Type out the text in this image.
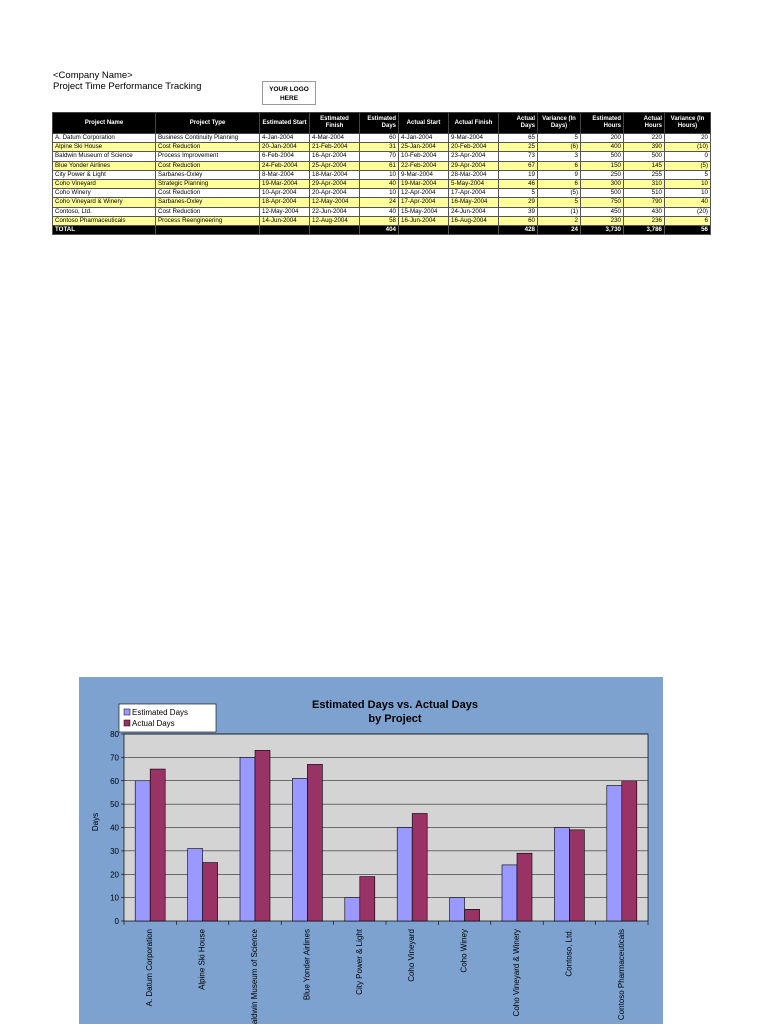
<Company Name>
Project Time Performance Tracking	YOUR LOGO
HERE
Project Name	Project Type	Estimated Start	Estimated Finish	Estimated Days	Actual Start	Actual Finish	Actual Days	Variance (In Days)	Estimated Hours	Actual Hours	Variance (In Hours)
A. Datum Corporation	Business Continuity Planning	4-Jan-2004	4-Mar-2004	60	4-Jan-2004	9-Mar-2004	65	5	200	220	20
Alpine Ski House	Cost Reduction	20-Jan-2004	21-Feb-2004	31	25-Jan-2004	20-Feb-2004	25	(6)	400	390	(10)
Baldwin Museum of Science	Process Improvement	6-Feb-2004	16-Apr-2004	70	10-Feb-2004	23-Apr-2004	73	3	500	500	0
Blue Yonder Airlines	Cost Reduction	24-Feb-2004	25-Apr-2004	61	22-Feb-2004	29-Apr-2004	67	6	150	145	(5)
City Power & Light	Sarbanes-Oxley	8-Mar-2004	18-Mar-2004	10	9-Mar-2004	28-Mar-2004	19	9	250	255	5
Coho Vineyard	Strategic Planning	19-Mar-2004	29-Apr-2004	40	19-Mar-2004	5-May-2004	46	6	300	310	10
Coho Winery	Cost Reduction	10-Apr-2004	20-Apr-2004	10	12-Apr-2004	17-Apr-2004	5	(5)	500	510	10
Coho Vineyard & Winery	Sarbanes-Oxley	18-Apr-2004	12-May-2004	24	17-Apr-2004	16-May-2004	29	5	750	790	40
Contoso, Ltd.	Cost Reduction	12-May-2004	22-Jun-2004	40	15-May-2004	24-Jun-2004	39	(1)	450	430	(20)
Contoso Pharmaceuticals	Process Reengineering	14-Jun-2004	12-Aug-2004	58	16-Jun-2004	16-Aug-2004	60	2	230	236	6
TOTAL				404			428	24	3,730	3,786	56
0
10
20
30
40
50
60
70
80
A. Datum Corporation	Alpine Ski House	Baldwin Museum of Science	Blue Yonder Airlines	City Power & Light	Coho Vineyard	Coho Winey	Coho Vineyard & Winery	Contoso, Ltd.	Contoso Pharmaceuticals
Estimated Days vs. Actual Days
by Project
Estimated Days
Actual Days
Days
